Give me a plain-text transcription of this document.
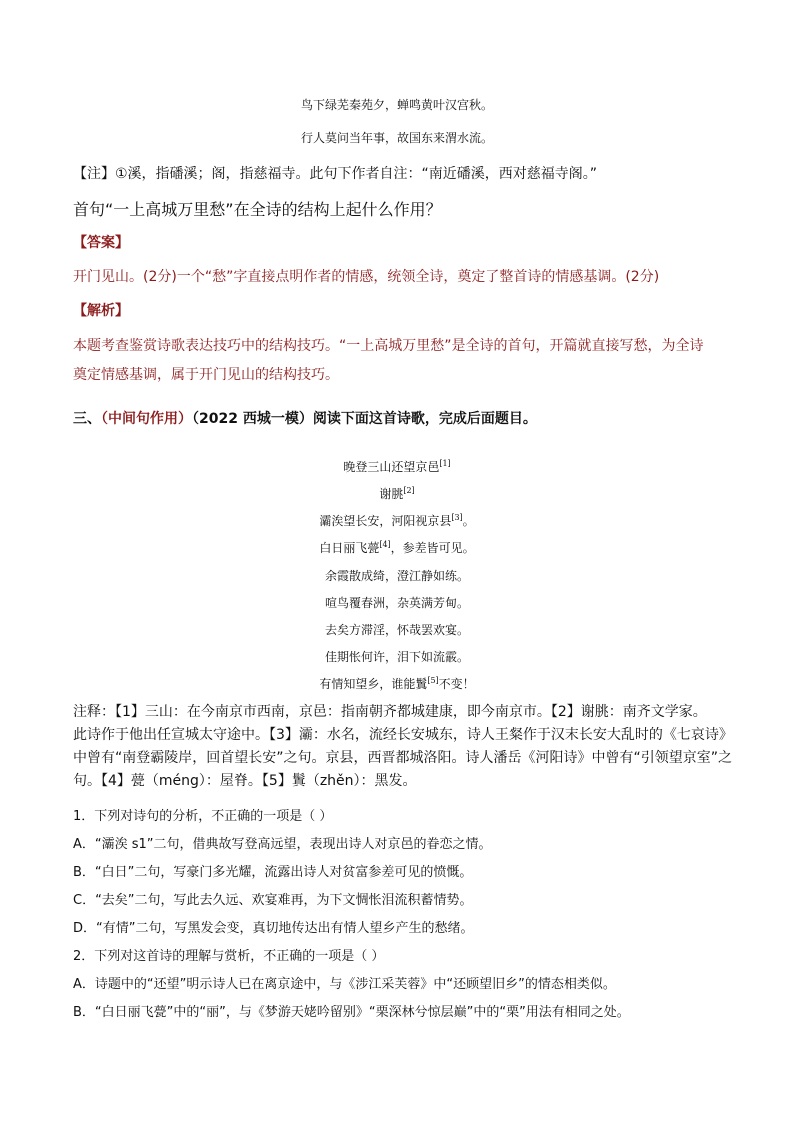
鸟下绿芜秦苑夕，蝉鸣黄叶汉宫秋。
行人莫问当年事，故国东来渭水流。
【注】①溪，指磻溪；阁，指慈福寺。此句下作者自注：“南近磻溪，西对慈福寺阁。”
首句“一上高城万里愁”在全诗的结构上起什么作用？
【答案】
开门见山。(2分)一个“愁”字直接点明作者的情感，统领全诗，奠定了整首诗的情感基调。(2分)
【解析】
本题考查鉴赏诗歌表达技巧中的结构技巧。“一上高城万里愁”是全诗的首句，开篇就直接写愁，为全诗
奠定情感基调，属于开门见山的结构技巧。
三、（中间句作用）（2022 西城一模）阅读下面这首诗歌，完成后面题目。
晚登三山还望京邑[1]
谢朓[2]
灞涘望长安，河阳视京县[3]。
白日丽飞甍[4]，参差皆可见。
余霞散成绮，澄江静如练。
喧鸟覆春洲，杂英满芳甸。
去矣方滞淫，怀哉罢欢宴。
佳期怅何许，泪下如流霰。
有情知望乡，谁能鬒[5]不变！
注释：【1】三山：在今南京市西南，京邑：指南朝齐都城建康，即今南京市。【2】谢朓：南齐文学家。
此诗作于他出任宣城太守途中。【3】灞：水名，流经长安城东，诗人王粲作于汉末长安大乱时的《七哀诗》
中曾有“南登霸陵岸，回首望长安”之句。京县，西晋都城洛阳。诗人潘岳《河阳诗》中曾有“引领望京室”之
句。【4】甍（méng）：屋脊。【5】鬒（zhěn）：黑发。
1．下列对诗句的分析，不正确的一项是（ ）
A．“灞涘 s1”二句，借典故写登高远望，表现出诗人对京邑的眷恋之情。
B．“白日”二句，写豪门多光耀，流露出诗人对贫富参差可见的愤慨。
C．“去矣”二句，写此去久远、欢宴难再，为下文惆怅泪流积蓄情势。
D．“有情”二句，写黑发会变，真切地传达出有情人望乡产生的愁绪。
2．下列对这首诗的理解与赏析，不正确的一项是（ ）
A．诗题中的“还望”明示诗人已在离京途中，与《涉江采芙蓉》中“还顾望旧乡”的情态相类似。
B．“白日丽飞甍”中的“丽”，与《梦游天姥吟留别》“栗深林兮惊层巅”中的“栗”用法有相同之处。
